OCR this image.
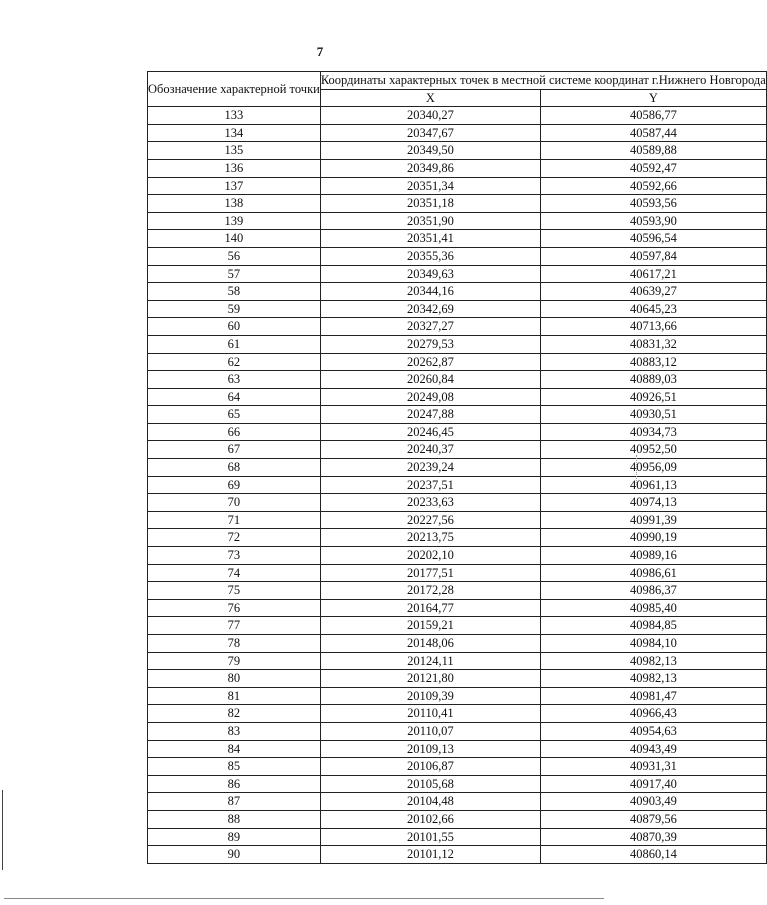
7
Обозначение характерной точки	Координаты характерных точек в местной системе координат г.Нижнего Новгорода	
	X	Y
133	20340,27	40586,77
134	20347,67	40587,44
135	20349,50	40589,88
136	20349,86	40592,47
137	20351,34	40592,66
138	20351,18	40593,56
139	20351,90	40593,90
140	20351,41	40596,54
56	20355,36	40597,84
57	20349,63	40617,21
58	20344,16	40639,27
59	20342,69	40645,23
60	20327,27	40713,66
61	20279,53	40831,32
62	20262,87	40883,12
63	20260,84	40889,03
64	20249,08	40926,51
65	20247,88	40930,51
66	20246,45	40934,73
67	20240,37	40952,50
68	20239,24	40956,09
69	20237,51	40961,13
70	20233,63	40974,13
71	20227,56	40991,39
72	20213,75	40990,19
73	20202,10	40989,16
74	20177,51	40986,61
75	20172,28	40986,37
76	20164,77	40985,40
77	20159,21	40984,85
78	20148,06	40984,10
79	20124,11	40982,13
80	20121,80	40982,13
81	20109,39	40981,47
82	20110,41	40966,43
83	20110,07	40954,63
84	20109,13	40943,49
85	20106,87	40931,31
86	20105,68	40917,40
87	20104,48	40903,49
88	20102,66	40879,56
89	20101,55	40870,39
90	20101,12	40860,14
